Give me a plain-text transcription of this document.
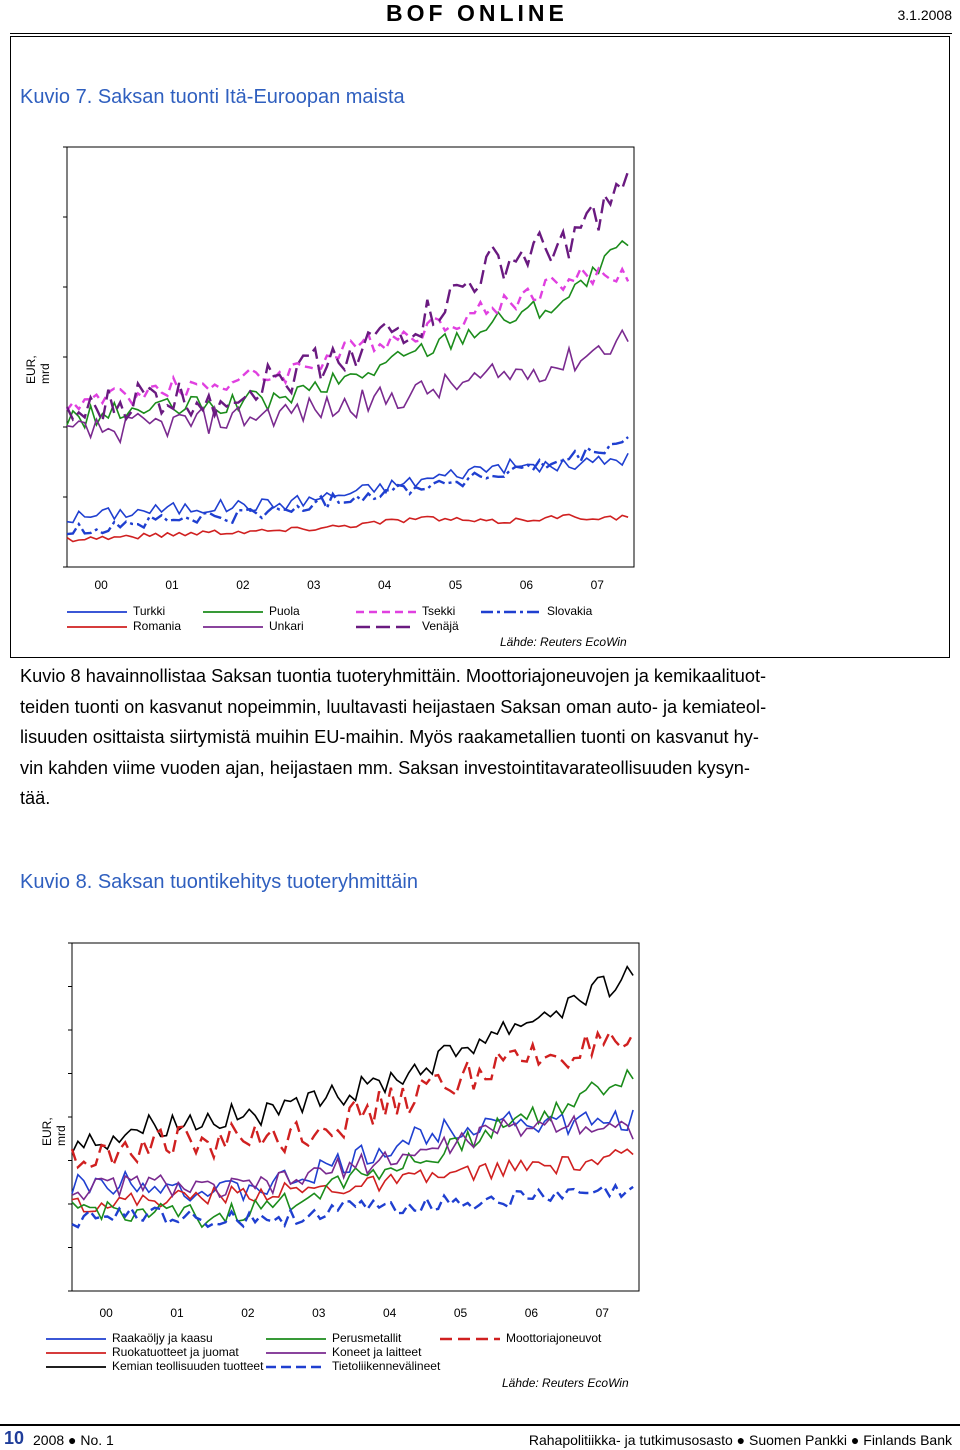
BOF ONLINE	3.1.2008
Kuvio 7. Saksan tuonti Itä-Euroopan maista
EUR, mrd
00	01	02	03	04	05	06	07
Turkki	Puola	Tsekki	Slovakia
Romania	Unkari	Venäjä
Lähde: Reuters EcoWin

Kuvio 8 havainnollistaa Saksan tuontia tuoteryhmittäin. Moottoriajoneuvojen ja kemikaalituot-

teiden tuonti on kasvanut nopeimmin, luultavasti heijastaen Saksan oman auto- ja kemiateol-

lisuuden osittaista siirtymistä muihin EU-maihin. Myös raakametallien tuonti on kasvanut hy-

vin kahden viime vuoden ajan, heijastaen mm. Saksan investointitavarateollisuuden kysyn-

tää.

Kuvio 8. Saksan tuontikehitys tuoteryhmittäin
EUR, mrd
00	01	02	03	04	05	06	07
Raakaöljy ja kaasu	Perusmetallit	Moottoriajoneuvot
Ruokatuotteet ja juomat	Koneet ja laitteet
Kemian teollisuuden tuotteet	Tietoliikennevälineet
Lähde: Reuters EcoWin
10 2008 ● No. 1	Rahapolitiikka- ja tutkimusosasto ● Suomen Pankki ● Finlands Bank
